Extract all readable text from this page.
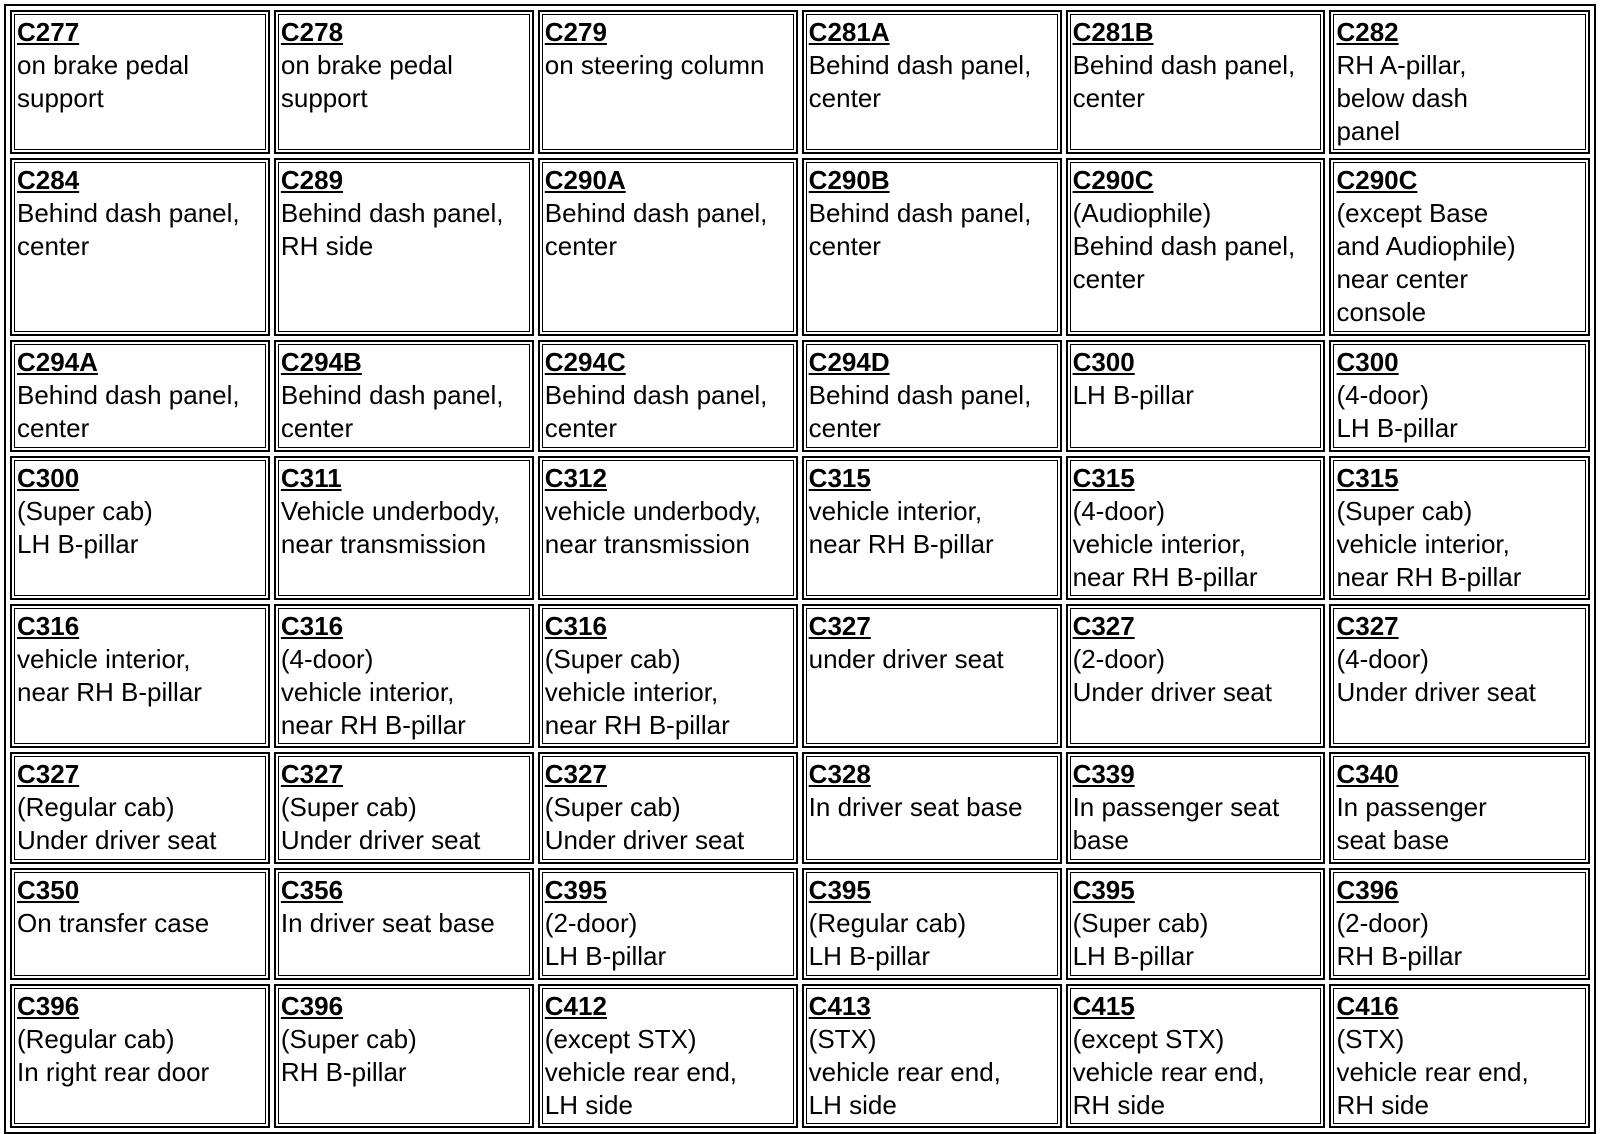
C277
on brake pedal
support	C278
on brake pedal
support	C279
on steering column	C281A
Behind dash panel,
center	C281B
Behind dash panel,
center	C282
RH A-pillar,
below dash
panel

C284
Behind dash panel,
center	C289
Behind dash panel,
RH side	C290A
Behind dash panel,
center	C290B
Behind dash panel,
center	C290C
(Audiophile)
Behind dash panel,
center	C290C
(except Base
and Audiophile)
near center
console

C294A
Behind dash panel,
center	C294B
Behind dash panel,
center	C294C
Behind dash panel,
center	C294D
Behind dash panel,
center	C300
LH B-pillar	C300
(4-door)
LH B-pillar

C300
(Super cab)
LH B-pillar	C311
Vehicle underbody,
near transmission	C312
vehicle underbody,
near transmission	C315
vehicle interior,
near RH B-pillar	C315
(4-door)
vehicle interior,
near RH B-pillar	C315
(Super cab)
vehicle interior,
near RH B-pillar

C316
vehicle interior,
near RH B-pillar	C316
(4-door)
vehicle interior,
near RH B-pillar	C316
(Super cab)
vehicle interior,
near RH B-pillar	C327
under driver seat	C327
(2-door)
Under driver seat	C327
(4-door)
Under driver seat

C327
(Regular cab)
Under driver seat	C327
(Super cab)
Under driver seat	C327
(Super cab)
Under driver seat	C328
In driver seat base	C339
In passenger seat
base	C340
In passenger
seat base

C350
On transfer case	C356
In driver seat base	C395
(2-door)
LH B-pillar	C395
(Regular cab)
LH B-pillar	C395
(Super cab)
LH B-pillar	C396
(2-door)
RH B-pillar

C396
(Regular cab)
In right rear door	C396
(Super cab)
RH B-pillar	C412
(except STX)
vehicle rear end,
LH side	C413
(STX)
vehicle rear end,
LH side	C415
(except STX)
vehicle rear end,
RH side	C416
(STX)
vehicle rear end,
RH side
